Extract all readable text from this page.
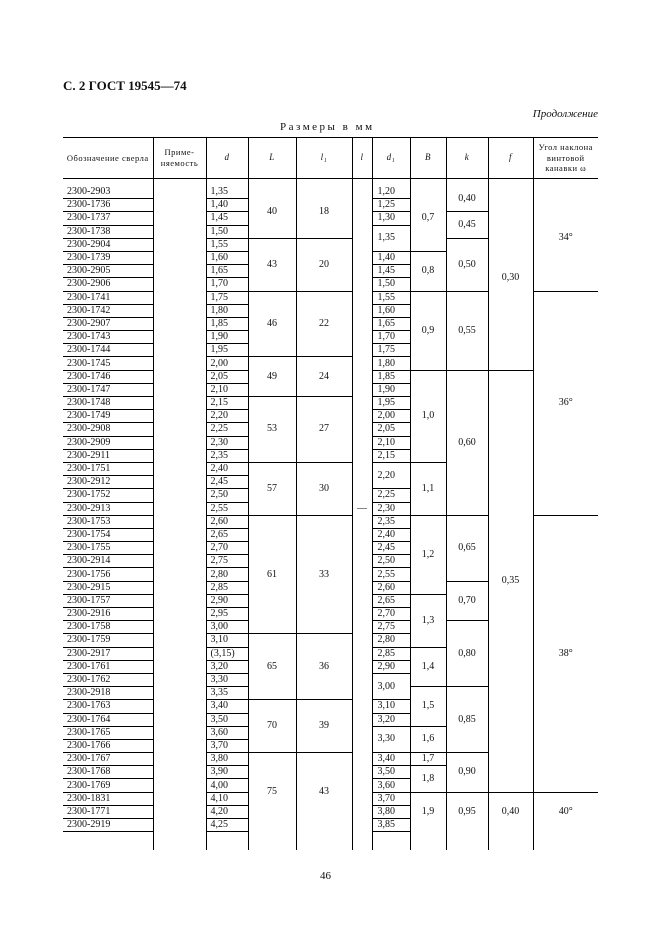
С. 2 ГОСТ 19545—74
Продолжение
Размеры в мм
Обозначение сверла	Приме-няемость	d	L	l₁	l	d₁	B	k	f	Угол наклона винтовой канавки ω

2300-2903		1,35	40	18	—	1,20	0,7	0,40	0,30	34°
2300-1736		1,40				1,25				
2300-1737		1,45				1,30		0,45		
2300-1738		1,50				1,35				
2300-2904		1,55	43	20				0,50		
2300-1739		1,60				1,40	0,8			
2300-2905		1,65				1,45				
2300-2906		1,70				1,50				
2300-1741		1,75	46	22		1,55	0,9	0,55		36°
2300-1742		1,80				1,60				
2300-2907		1,85				1,65				
2300-1743		1,90				1,70				
2300-1744		1,95				1,75				
2300-1745		2,00	49	24		1,80				
2300-1746		2,05				1,85	1,0	0,60	0,35	
2300-1747		2,10				1,90				
2300-1748		2,15	53	27		1,95				
2300-1749		2,20				2,00				
2300-2908		2,25				2,05				
2300-2909		2,30				2,10				
2300-2911		2,35				2,15				
2300-1751		2,40	57	30		2,20	1,1			
2300-2912		2,45								
2300-1752		2,50				2,25				
2300-2913		2,55				2,30				
2300-1753		2,60	61	33		2,35	1,2	0,65		38°
2300-1754		2,65				2,40				
2300-1755		2,70				2,45				
2300-2914		2,75				2,50				
2300-1756		2,80				2,55				
2300-2915		2,85				2,60		0,70		
2300-1757		2,90				2,65	1,3			
2300-2916		2,95				2,70				
2300-1758		3,00				2,75		0,80		
2300-1759		3,10	65	36		2,80				
2300-2917		(3,15)				2,85	1,4			
2300-1761		3,20				2,90				
2300-1762		3,30				3,00				
2300-2918		3,35					1,5	0,85		
2300-1763		3,40	70	39		3,10				
2300-1764		3,50				3,20				
2300-1765		3,60				3,30	1,6			
2300-1766		3,70								
2300-1767		3,80	75	43		3,40	1,7	0,90		
2300-1768		3,90				3,50	1,8			
2300-1769		4,00				3,60				
2300-1831		4,10				3,70	1,9	0,95	0,40	40°
2300-1771		4,20				3,80				
2300-2919		4,25				3,85				

46
